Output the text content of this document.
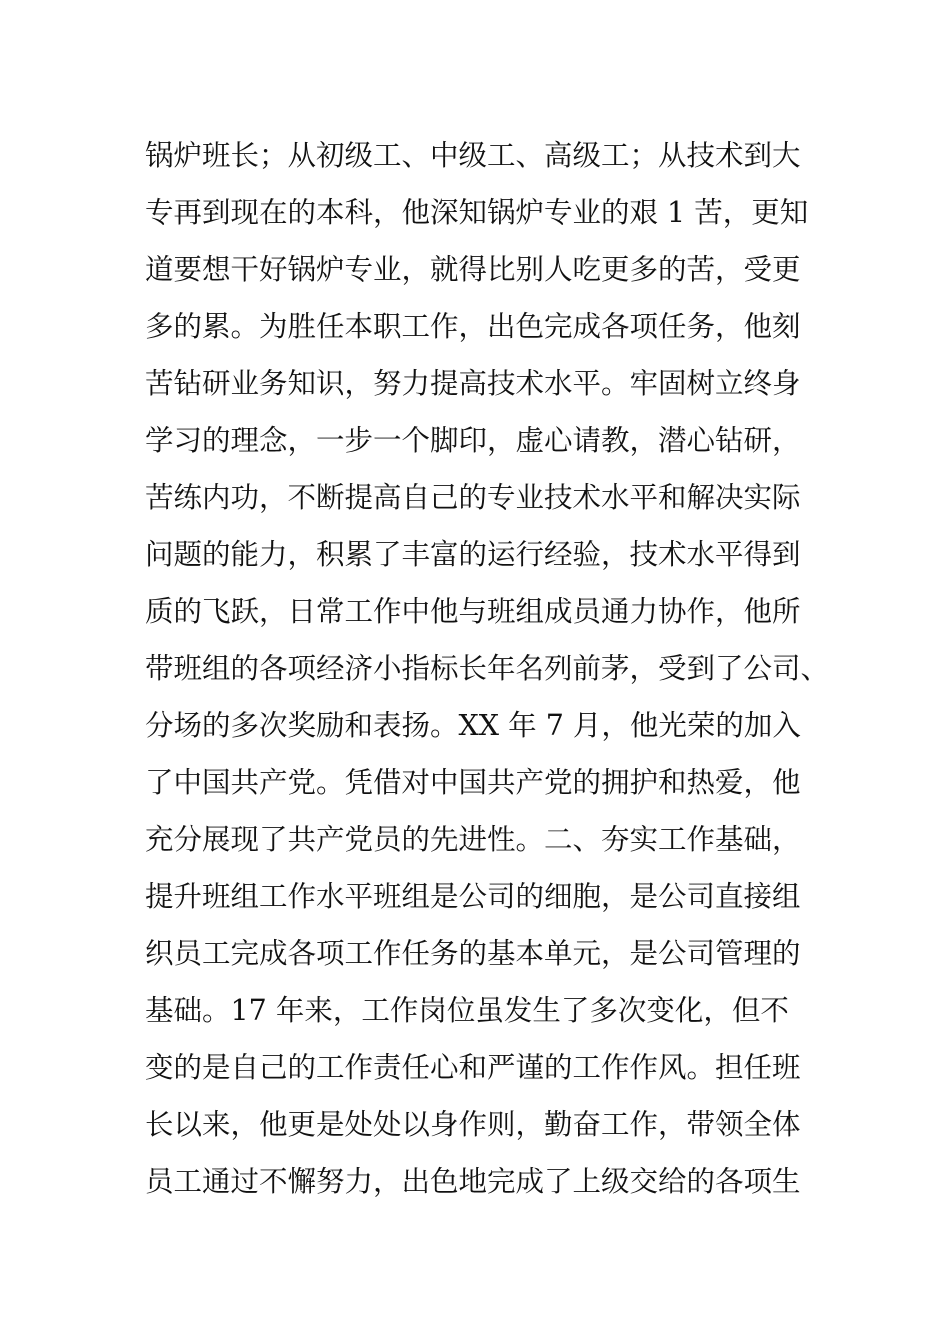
锅炉班长；从初级工、中级工、高级工；从技术到大
专再到现在的本科，他深知锅炉专业的艰 1 苦，更知
道要想干好锅炉专业，就得比别人吃更多的苦，受更
多的累。为胜任本职工作，出色完成各项任务，他刻
苦钻研业务知识，努力提高技术水平。牢固树立终身
学习的理念，一步一个脚印，虚心请教，潜心钻研，
苦练内功，不断提高自己的专业技术水平和解决实际
问题的能力，积累了丰富的运行经验，技术水平得到
质的飞跃，日常工作中他与班组成员通力协作，他所
带班组的各项经济小指标长年名列前茅，受到了公司、
分场的多次奖励和表扬。XX 年 7 月，他光荣的加入
了中国共产党。凭借对中国共产党的拥护和热爱，他
充分展现了共产党员的先进性。二、夯实工作基础，
提升班组工作水平班组是公司的细胞，是公司直接组
织员工完成各项工作任务的基本单元，是公司管理的
基础。17 年来，工作岗位虽发生了多次变化，但不
变的是自己的工作责任心和严谨的工作作风。担任班
长以来，他更是处处以身作则，勤奋工作，带领全体
员工通过不懈努力，出色地完成了上级交给的各项生
